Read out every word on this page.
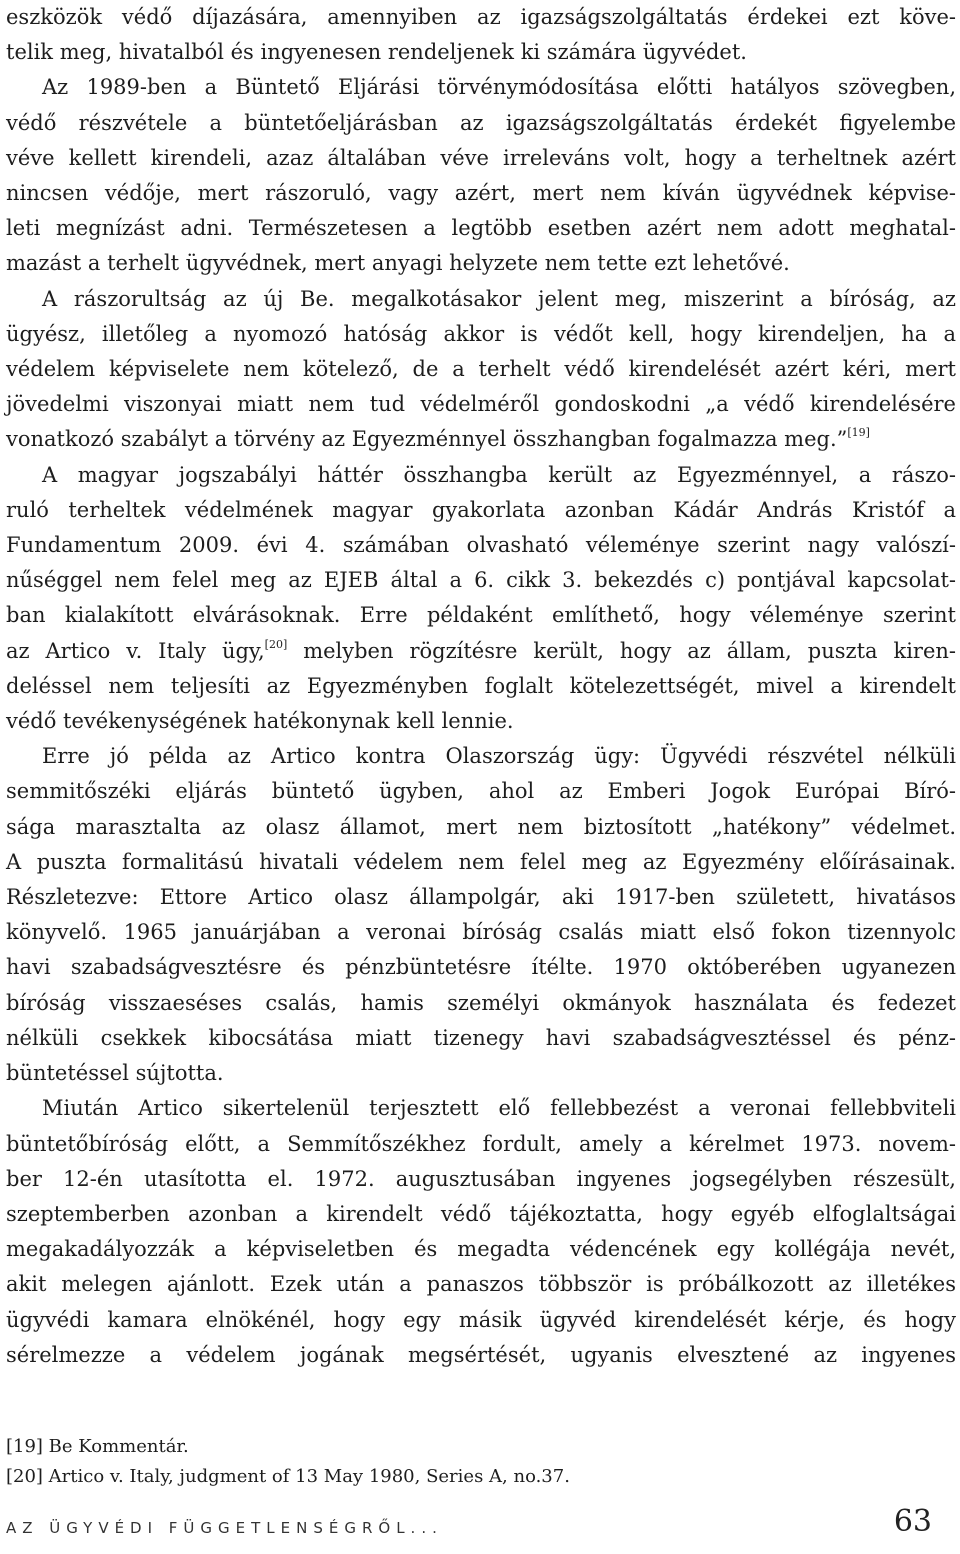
eszközök védő díjazására, amennyiben az igazságszolgáltatás érdekei ezt köve-
telik meg, hivatalból és ingyenesen rendeljenek ki számára ügyvédet.
Az 1989-ben a Büntető Eljárási törvénymódosítása előtti hatályos szövegben,
védő részvétele a büntetőeljárásban az igazságszolgáltatás érdekét figyelembe
véve kellett kirendeli, azaz általában véve irreleváns volt, hogy a terheltnek azért
nincsen védője, mert rászoruló, vagy azért, mert nem kíván ügyvédnek képvise-
leti megnízást adni. Természetesen a legtöbb esetben azért nem adott meghatal-
mazást a terhelt ügyvédnek, mert anyagi helyzete nem tette ezt lehetővé.
A rászorultság az új Be. megalkotásakor jelent meg, miszerint a bíróság, az
ügyész, illetőleg a nyomozó hatóság akkor is védőt kell, hogy kirendeljen, ha a
védelem képviselete nem kötelező, de a terhelt védő kirendelését azért kéri, mert
jövedelmi viszonyai miatt nem tud védelméről gondoskodni „a védő kirendelésére
vonatkozó szabályt a törvény az Egyezménnyel összhangban fogalmazza meg.”[19]
A magyar jogszabályi háttér összhangba került az Egyezménnyel, a rászo-
ruló terheltek védelmének magyar gyakorlata azonban Kádár András Kristóf a
Fundamentum 2009. évi 4. számában olvasható véleménye szerint nagy valószí-
nűséggel nem felel meg az EJEB által a 6. cikk 3. bekezdés c) pontjával kapcsolat-
ban kialakított elvárásoknak. Erre példaként említhető, hogy véleménye szerint
az Artico v. Italy ügy,[20] melyben rögzítésre került, hogy az állam, puszta kiren-
deléssel nem teljesíti az Egyezményben foglalt kötelezettségét, mivel a kirendelt
védő tevékenységének hatékonynak kell lennie.
Erre jó példa az Artico kontra Olaszország ügy: Ügyvédi részvétel nélküli
semmitőszéki eljárás büntető ügyben, ahol az Emberi Jogok Európai Bíró-
sága marasztalta az olasz államot, mert nem biztosított „hatékony” védelmet.
A puszta formalitású hivatali védelem nem felel meg az Egyezmény előírásainak.
Részletezve: Ettore Artico olasz állampolgár, aki 1917-ben született, hivatásos
könyvelő. 1965 januárjában a veronai bíróság csalás miatt első fokon tizennyolc
havi szabadságvesztésre és pénzbüntetésre ítélte. 1970 októberében ugyanezen
bíróság visszaeséses csalás, hamis személyi okmányok használata és fedezet
nélküli csekkek kibocsátása miatt tizenegy havi szabadságvesztéssel és pénz-
büntetéssel sújtotta.
Miután Artico sikertelenül terjesztett elő fellebbezést a veronai fellebbviteli
büntetőbíróság előtt, a Semmítőszékhez fordult, amely a kérelmet 1973. novem-
ber 12-én utasította el. 1972. augusztusában ingyenes jogsegélyben részesült,
szeptemberben azonban a kirendelt védő tájékoztatta, hogy egyéb elfoglaltságai
megakadályozzák a képviseletben és megadta védencének egy kollégája nevét,
akit melegen ajánlott. Ezek után a panaszos többször is próbálkozott az illetékes
ügyvédi kamara elnökénél, hogy egy másik ügyvéd kirendelését kérje, és hogy
sérelmezze a védelem jogának megsértését, ugyanis elvesztené az ingyenes
[19] Be Kommentár.
[20] Artico v. Italy, judgment of 13 May 1980, Series A, no.37.
AZ ÜGYVÉDI FÜGGETLENSÉGRŐL...	63
